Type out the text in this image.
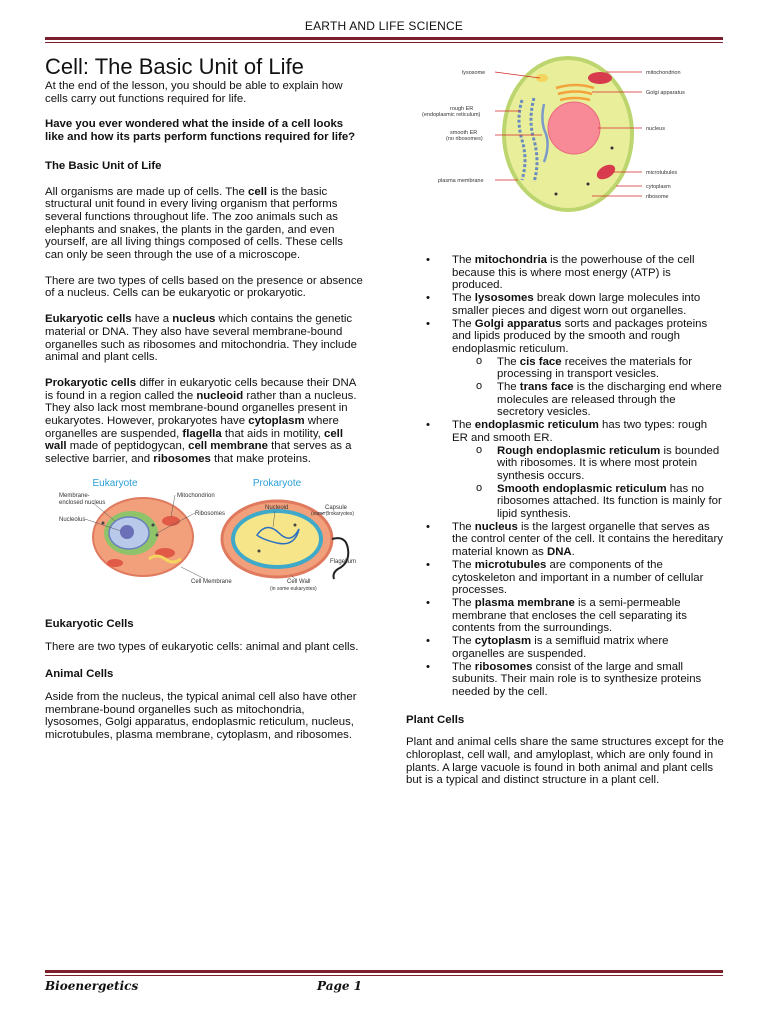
EARTH AND LIFE SCIENCE
Cell: The Basic Unit of Life

At the end of the lesson, you should be able to explain how cells carry out functions required for life.

Have you ever wondered what the inside of a cell looks like and how its parts perform functions required for life?

The Basic Unit of Life

All organisms are made up of cells. The cell is the basic structural unit found in every living organism that performs several functions throughout life. The zoo animals such as elephants and snakes, the plants in the garden, and even yourself, are all living things composed of cells. These cells can only be seen through the use of a microscope.

There are two types of cells based on the presence or absence of a nucleus. Cells can be eukaryotic or prokaryotic.

Eukaryotic cells have a nucleus which contains the genetic material or DNA. They also have several membrane-bound organelles such as ribosomes and mitochondria. They include animal and plant cells.

Prokaryotic cells differ in eukaryotic cells because their DNA is found in a region called the nucleoid rather than a nucleus. They also lack most membrane-bound organelles present in eukaryotes. However, prokaryotes have cytoplasm where organelles are suspended, flagella that aids in motility, cell wall made of peptidogycan, cell membrane that serves as a selective barrier, and ribosomes that make proteins.

Eukaryote	Prokaryote
Membrane-
enclosed nucleus
Nucleolus
Mitochondrion
Ribosomes
Cell Membrane
Nucleoid	Capsule
(some prokaryotes)
Flagellum
Cell Wall
(in some eukaryotes)

Eukaryotic Cells

There are two types of eukaryotic cells: animal and plant cells.

Animal Cells

Aside from the nucleus, the typical animal cell also have other membrane-bound organelles such as mitochondria, lysosomes, Golgi apparatus, endoplasmic reticulum, nucleus, microtubules, plasma membrane, cytoplasm, and ribosomes.

lysosome
rough ER
(endoplasmic reticulum)
smooth ER
(no ribosomes)
plasma membrane
mitochondrion
Golgi apparatus
nucleus
microtubules
cytoplasm
ribosome
• The mitochondria is the powerhouse of the cell because this is where most energy (ATP) is produced.
• The lysosomes break down large molecules into smaller pieces and digest worn out organelles.
• The Golgi apparatus sorts and packages proteins and lipids produced by the smooth and rough endoplasmic reticulum.
o The cis face receives the materials for processing in transport vesicles.
o The trans face is the discharging end where molecules are released through the secretory vesicles.
• The endoplasmic reticulum has two types: rough ER and smooth ER.
o Rough endoplasmic reticulum is bounded with ribosomes. It is where most protein synthesis occurs.
o Smooth endoplasmic reticulum has no ribosomes attached. Its function is mainly for lipid synthesis.
• The nucleus is the largest organelle that serves as the control center of the cell. It contains the hereditary material known as DNA.
• The microtubules are components of the cytoskeleton and important in a number of cellular processes.
• The plasma membrane is a semi-permeable membrane that encloses the cell separating its contents from the surroundings.
• The cytoplasm is a semifluid matrix where organelles are suspended.
• The ribosomes consist of the large and small subunits. Their main role is to synthesize proteins needed by the cell.

Plant Cells

Plant and animal cells share the same structures except for the chloroplast, cell wall, and amyloplast, which are only found in plants. A large vacuole is found in both animal and plant cells but is a typical and distinct structure in a plant cell.

Bioenergetics	Page 1
